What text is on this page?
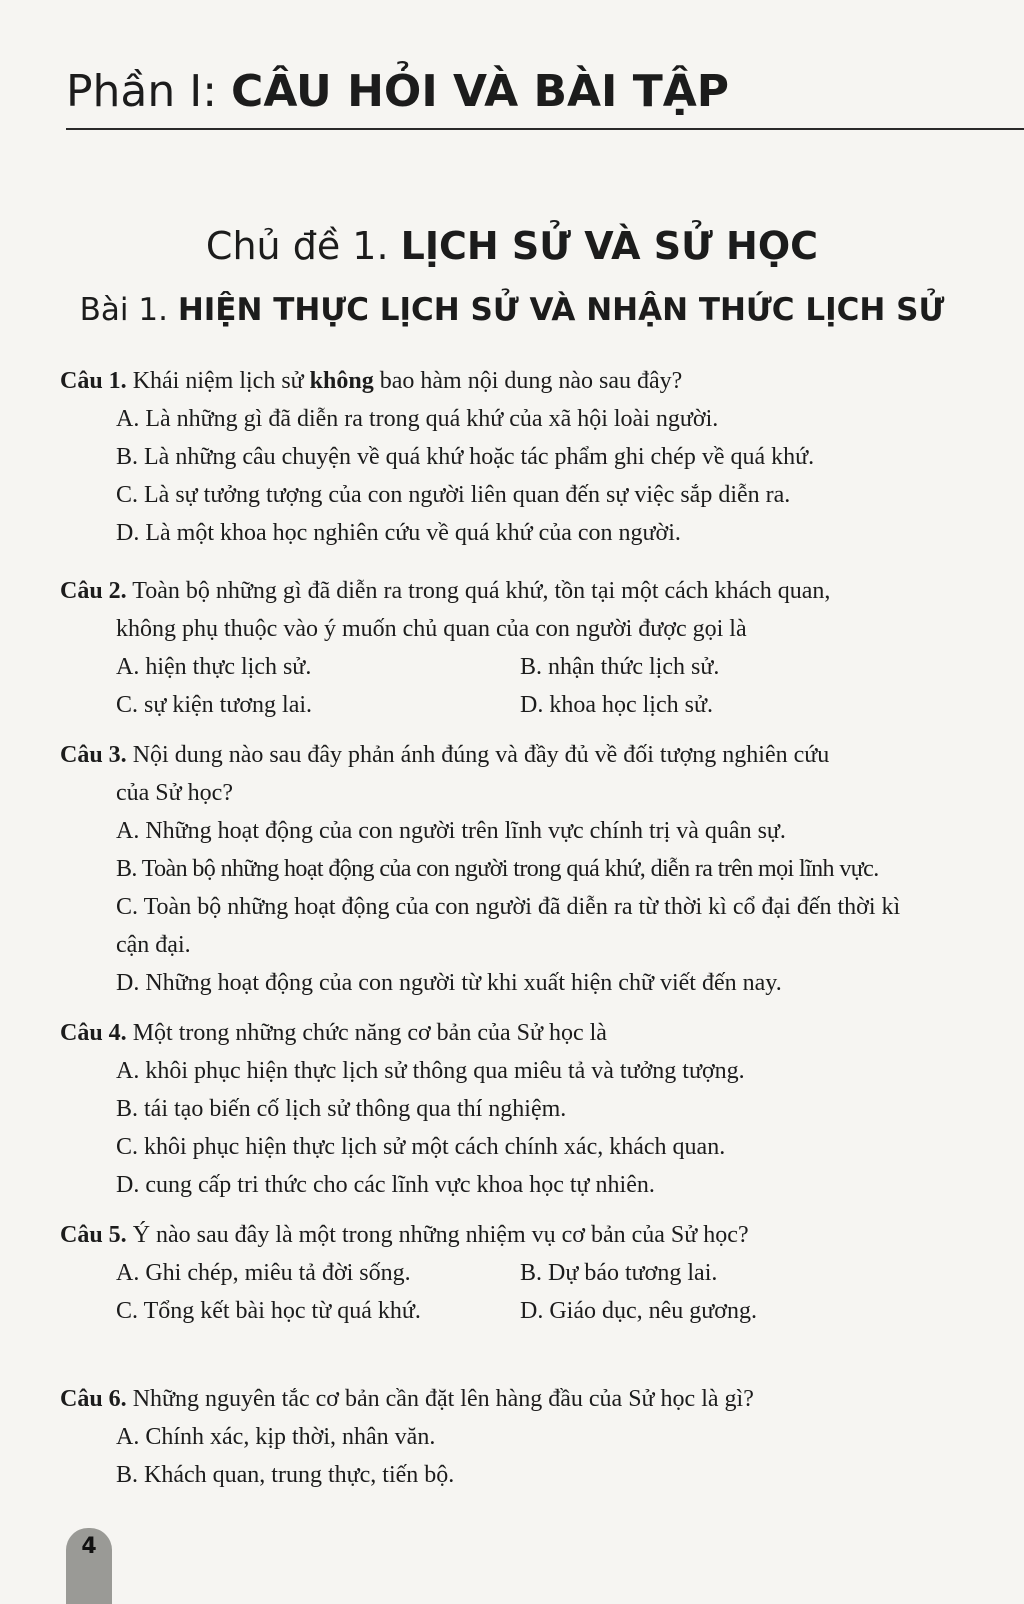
Phần I: CÂU HỎI VÀ BÀI TẬP
Chủ đề 1. LỊCH SỬ VÀ SỬ HỌC
Bài 1. HIỆN THỰC LỊCH SỬ VÀ NHẬN THỨC LỊCH SỬ
Câu 1. Khái niệm lịch sử không bao hàm nội dung nào sau đây?
A. Là những gì đã diễn ra trong quá khứ của xã hội loài người.
B. Là những câu chuyện về quá khứ hoặc tác phẩm ghi chép về quá khứ.
C. Là sự tưởng tượng của con người liên quan đến sự việc sắp diễn ra.
D. Là một khoa học nghiên cứu về quá khứ của con người.
Câu 2. Toàn bộ những gì đã diễn ra trong quá khứ, tồn tại một cách khách quan,
không phụ thuộc vào ý muốn chủ quan của con người được gọi là
A. hiện thực lịch sử.	B. nhận thức lịch sử.
C. sự kiện tương lai.	D. khoa học lịch sử.
Câu 3. Nội dung nào sau đây phản ánh đúng và đầy đủ về đối tượng nghiên cứu
của Sử học?
A. Những hoạt động của con người trên lĩnh vực chính trị và quân sự.
B. Toàn bộ những hoạt động của con người trong quá khứ, diễn ra trên mọi lĩnh vực.
C. Toàn bộ những hoạt động của con người đã diễn ra từ thời kì cổ đại đến thời kì
cận đại.
D. Những hoạt động của con người từ khi xuất hiện chữ viết đến nay.
Câu 4. Một trong những chức năng cơ bản của Sử học là
A. khôi phục hiện thực lịch sử thông qua miêu tả và tưởng tượng.
B. tái tạo biến cố lịch sử thông qua thí nghiệm.
C. khôi phục hiện thực lịch sử một cách chính xác, khách quan.
D. cung cấp tri thức cho các lĩnh vực khoa học tự nhiên.
Câu 5. Ý nào sau đây là một trong những nhiệm vụ cơ bản của Sử học?
A. Ghi chép, miêu tả đời sống.	B. Dự báo tương lai.
C. Tổng kết bài học từ quá khứ.	D. Giáo dục, nêu gương.
Câu 6. Những nguyên tắc cơ bản cần đặt lên hàng đầu của Sử học là gì?
A. Chính xác, kịp thời, nhân văn.
B. Khách quan, trung thực, tiến bộ.
4
